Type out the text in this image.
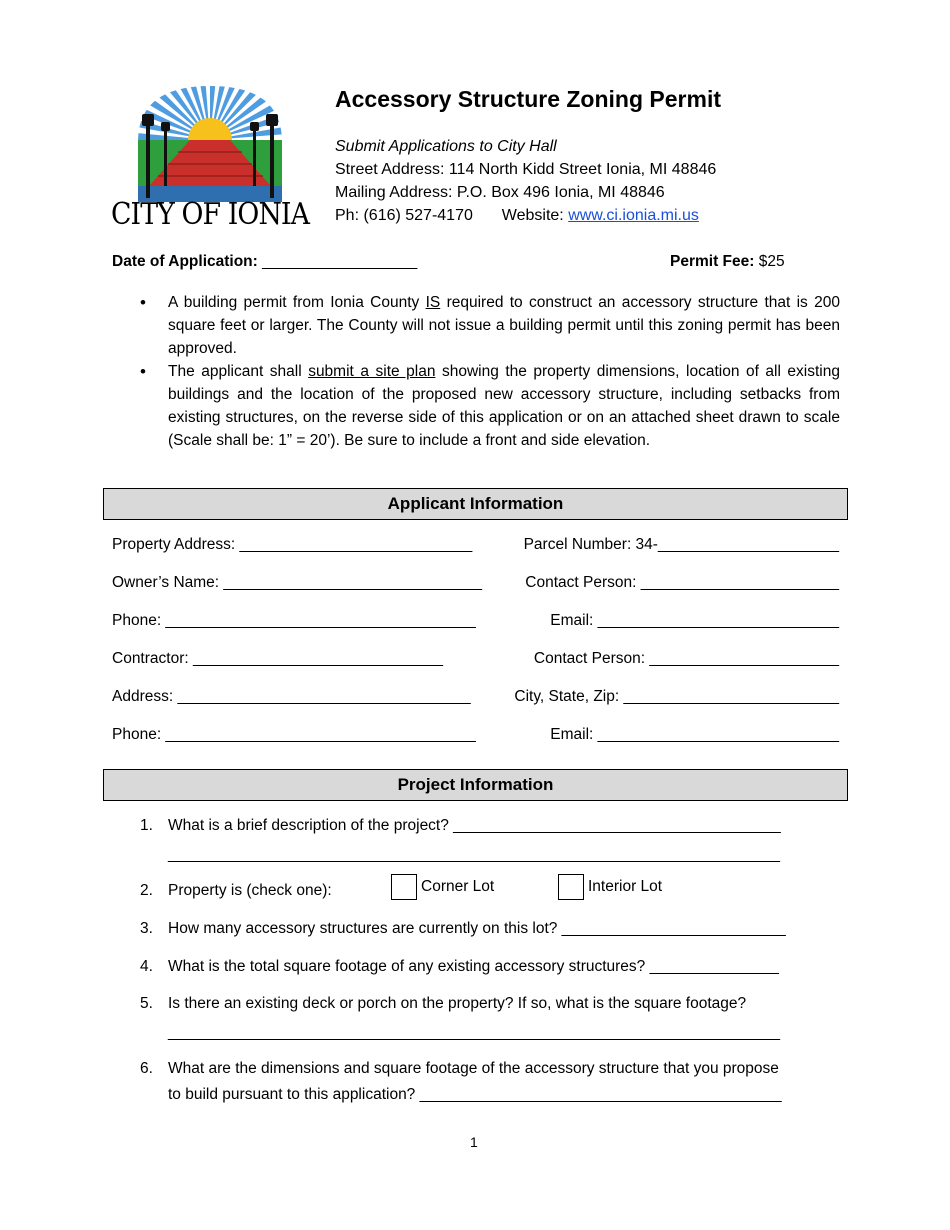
CITY OF IONIA
Accessory Structure Zoning Permit
Submit Applications to City Hall
Street Address: 114 North Kidd Street Ionia, MI 48846
Mailing Address: P.O. Box 496 Ionia, MI 48846
Ph: (616) 527-4170 Website: www.ci.ionia.mi.us
Date of Application: __________________	Permit Fee: $25
• A building permit from Ionia County IS required to construct an accessory structure that is 200 square feet or larger. The County will not issue a building permit until this zoning permit has been approved.
• The applicant shall submit a site plan showing the property dimensions, location of all existing buildings and the location of the proposed new accessory structure, including setbacks from existing structures, on the reverse side of this application or on an attached sheet drawn to scale (Scale shall be: 1” = 20’). Be sure to include a front and side elevation.
Applicant Information
Property Address: ___________________________	Parcel Number: 34-_____________________
Owner’s Name: ______________________________	Contact Person: _______________________
Phone: ____________________________________	Email: ____________________________
Contractor: _____________________________	Contact Person: ______________________
Address: __________________________________	City, State, Zip: _________________________
Phone: ____________________________________	Email: ____________________________
Project Information
1. What is a brief description of the project? ______________________________________
_______________________________________________________________________
2. Property is (check one):	Corner Lot	Interior Lot
3. How many accessory structures are currently on this lot? __________________________
4. What is the total square footage of any existing accessory structures? _______________
5. Is there an existing deck or porch on the property? If so, what is the square footage?
_______________________________________________________________________
6. What are the dimensions and square footage of the accessory structure that you propose
to build pursuant to this application? __________________________________________
1
